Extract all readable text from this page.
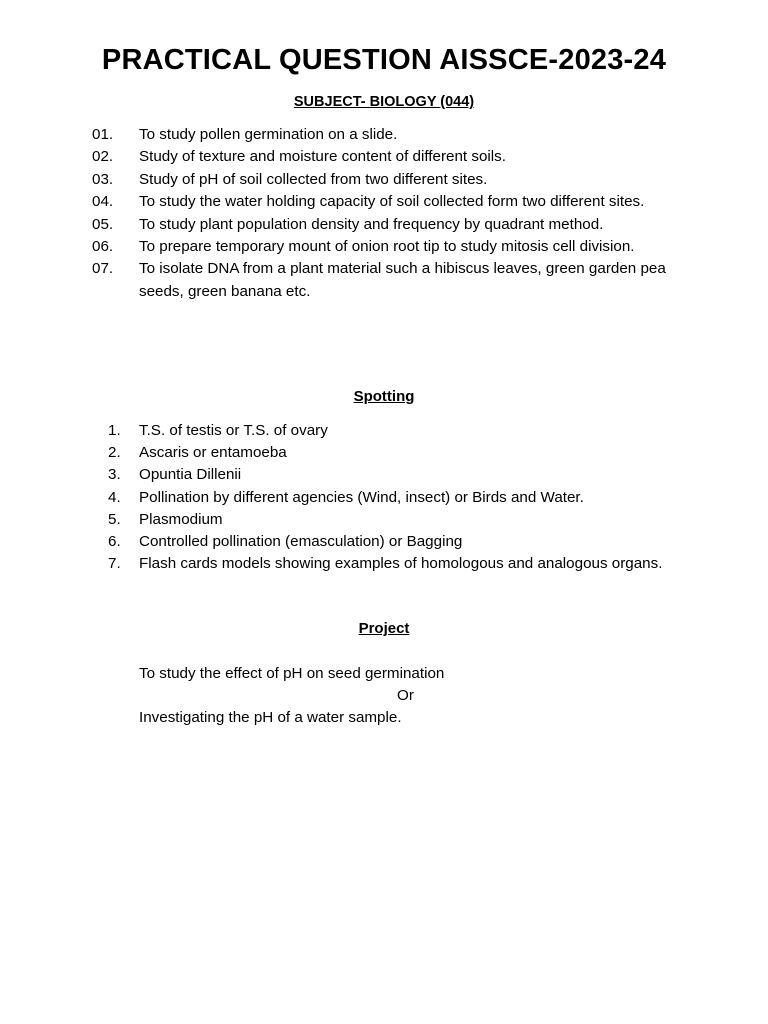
PRACTICAL QUESTION AISSCE-2023-24
SUBJECT- BIOLOGY (044)
01.	To study pollen germination on a slide.
02.	Study of texture and moisture content of different soils.
03.	Study of pH of soil collected from two different sites.
04.	To study the water holding capacity of soil collected form two different sites.
05.	To study plant population density and frequency by quadrant method.
06.	To prepare temporary mount of onion root tip to study mitosis cell division.
07.	To isolate DNA from a plant material such a hibiscus leaves, green garden pea seeds, green banana etc.
Spotting
1.	T.S. of testis or T.S. of ovary
2.	Ascaris or entamoeba
3.	Opuntia Dillenii
4.	Pollination by different agencies (Wind, insect) or Birds and Water.
5.	Plasmodium
6.	Controlled pollination (emasculation) or Bagging
7.	Flash cards models showing examples of homologous and analogous organs.
Project
To study the effect of pH on seed germination
Or
Investigating the pH of a water sample.
